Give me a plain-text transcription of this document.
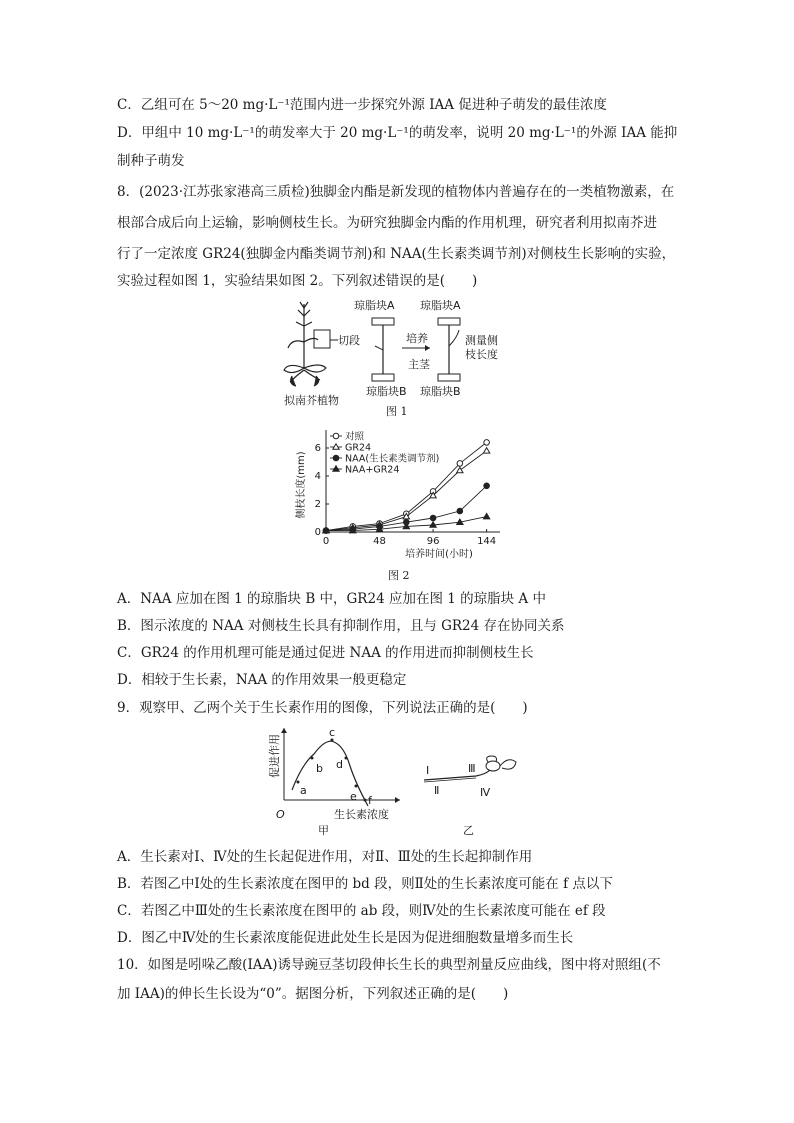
C．乙组可在 5～20 mg·L⁻¹范围内进一步探究外源 IAA 促进种子萌发的最佳浓度
D．甲组中 10 mg·L⁻¹的萌发率大于 20 mg·L⁻¹的萌发率，说明 20 mg·L⁻¹的外源 IAA 能抑
制种子萌发
8．(2023·江苏张家港高三质检)独脚金内酯是新发现的植物体内普遍存在的一类植物激素，在
根部合成后向上运输，影响侧枝生长。为研究独脚金内酯的作用机理，研究者利用拟南芥进
行了一定浓度 GR24(独脚金内酯类调节剂)和 NAA(生长素类调节剂)对侧枝生长影响的实验，
实验过程如图 1，实验结果如图 2。下列叙述错误的是(　　)
切段
琼脂块A
琼脂块B
培养
琼脂块A
琼脂块B
主茎
测量侧
枝长度
拟南芥植物
图 1
0	48	96	144
0
2
4
6
培养时间(小时)
侧枝长度(mm)
对照
GR24
NAA(生长素类调节剂)
NAA+GR24
图 2
A．NAA 应加在图 1 的琼脂块 B 中，GR24 应加在图 1 的琼脂块 A 中
B．图示浓度的 NAA 对侧枝生长具有抑制作用，且与 GR24 存在协同关系
C．GR24 的作用机理可能是通过促进 NAA 的作用进而抑制侧枝生长
D．相较于生长素，NAA 的作用效果一般更稳定
9．观察甲、乙两个关于生长素作用的图像，下列说法正确的是(　　)
a
b
c
d
e f
O	生长素浓度
促进作用
甲
Ⅰ
Ⅱ
Ⅲ
Ⅳ
乙
A．生长素对Ⅰ、Ⅳ处的生长起促进作用，对Ⅱ、Ⅲ处的生长起抑制作用
B．若图乙中Ⅰ处的生长素浓度在图甲的 bd 段，则Ⅱ处的生长素浓度可能在 f 点以下
C．若图乙中Ⅲ处的生长素浓度在图甲的 ab 段，则Ⅳ处的生长素浓度可能在 ef 段
D．图乙中Ⅳ处的生长素浓度能促进此处生长是因为促进细胞数量增多而生长
10．如图是吲哚乙酸(IAA)诱导豌豆茎切段伸长生长的典型剂量反应曲线，图中将对照组(不
加 IAA)的伸长生长设为“0”。据图分析，下列叙述正确的是(　　)
